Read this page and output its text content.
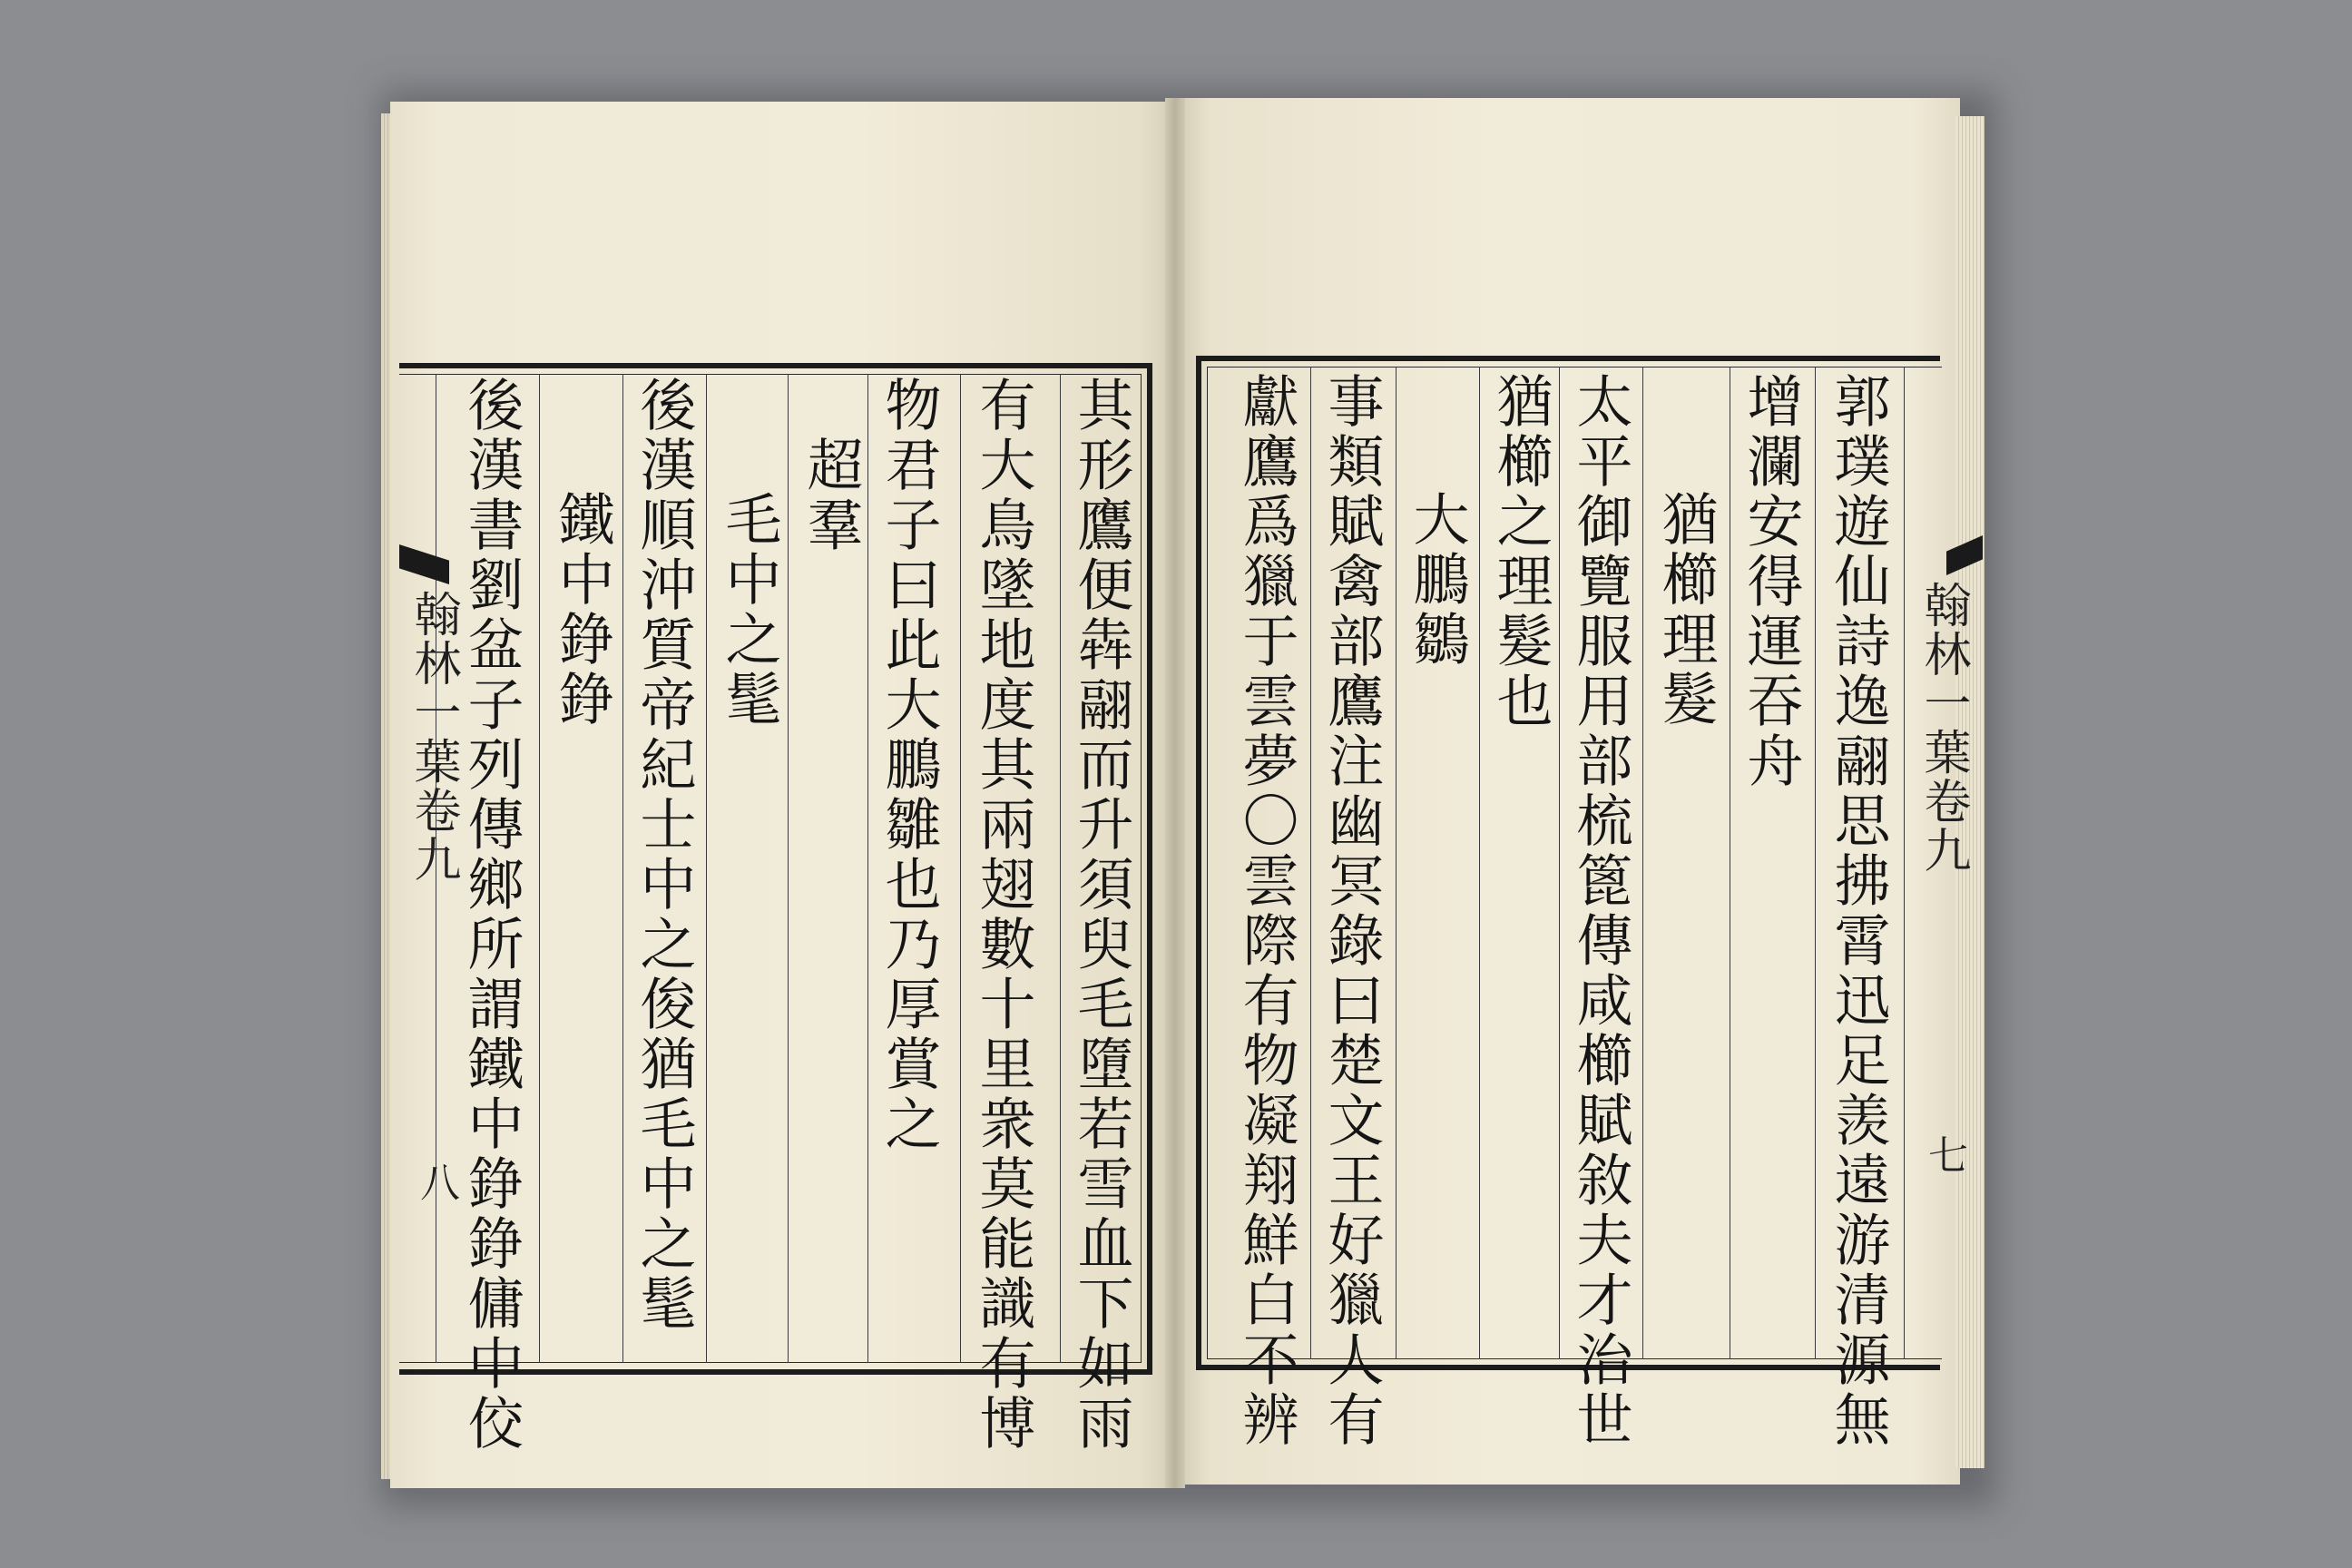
其形鷹便犇翮而升須臾毛墮若雪血下如雨
有大鳥墜地度其兩翅數十里衆莫能識有博
物君子曰此大鵬雛也乃厚賞之
超羣
毛中之髦
後漢順沖質帝紀士中之俊猶毛中之髦
鐵中錚錚
後漢書劉盆子列傳鄉所謂鐵中錚錚傭中佼
翰林一葉卷九
八	郭璞遊仙詩逸翮思拂霄迅足羡遠游清源無
增瀾安得運吞舟
猶櫛理髮
太平御覽服用部梳篦傳咸櫛賦敘夫才治世
猶櫛之理髮也
大鵬鶵
事類賦禽部鷹注幽冥錄曰楚文王好獵人有
獻鷹爲獵于雲夢〇雲際有物凝翔鮮白不辨	翰林一葉卷九
七
